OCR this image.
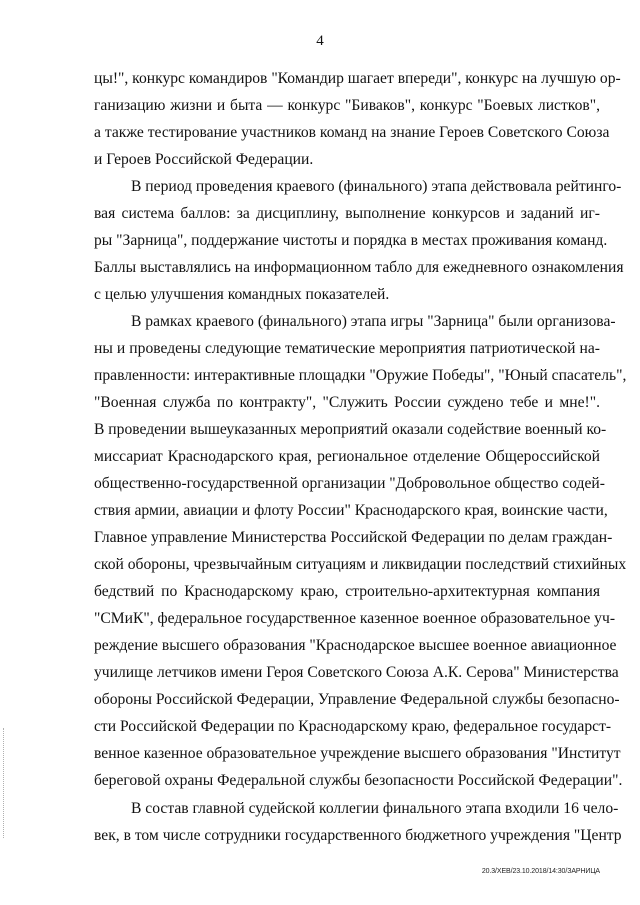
4
цы!", конкурс командиров "Командир шагает впереди", конкурс на лучшую ор-
ганизацию жизни и быта — конкурс "Биваков", конкурс "Боевых листков",
а также тестирование участников команд на знание Героев Советского Союза
и Героев Российской Федерации.
В период проведения краевого (финального) этапа действовала рейтинго-
вая система баллов: за дисциплину, выполнение конкурсов и заданий иг-
ры "Зарница", поддержание чистоты и порядка в местах проживания команд.
Баллы выставлялись на информационном табло для ежедневного ознакомления
с целью улучшения командных показателей.
В рамках краевого (финального) этапа игры "Зарница" были организова-
ны и проведены следующие тематические мероприятия патриотической на-
правленности: интерактивные площадки "Оружие Победы", "Юный спасатель",
"Военная служба по контракту", "Служить России суждено тебе и мне!".
В проведении вышеуказанных мероприятий оказали содействие военный ко-
миссариат Краснодарского края, региональное отделение Общероссийской
общественно-государственной организации "Добровольное общество содей-
ствия армии, авиации и флоту России" Краснодарского края, воинские части,
Главное управление Министерства Российской Федерации по делам граждан-
ской обороны, чрезвычайным ситуациям и ликвидации последствий стихийных
бедствий по Краснодарскому краю, строительно-архитектурная компания
"СМиК", федеральное государственное казенное военное образовательное уч-
реждение высшего образования "Краснодарское высшее военное авиационное
училище летчиков имени Героя Советского Союза А.К. Серова" Министерства
обороны Российской Федерации, Управление Федеральной службы безопасно-
сти Российской Федерации по Краснодарскому краю, федеральное государст-
венное казенное образовательное учреждение высшего образования "Институт
береговой охраны Федеральной службы безопасности Российской Федерации".
В состав главной судейской коллегии финального этапа входили 16 чело-
век, в том числе сотрудники государственного бюджетного учреждения "Центр
20.3/XEB/23.10.2018/14:30/ЗАРНИЦА
